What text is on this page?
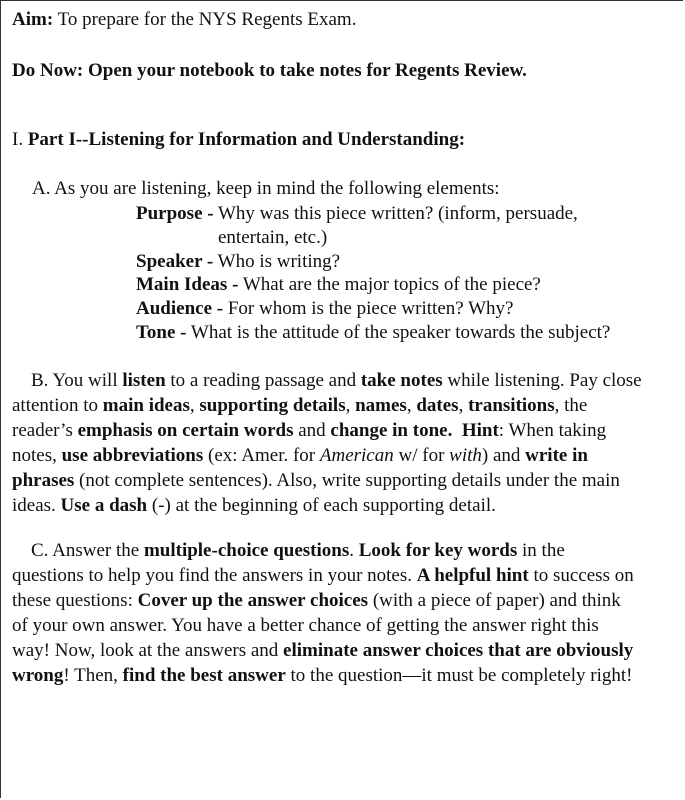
Aim: To prepare for the NYS Regents Exam.
Do Now: Open your notebook to take notes for Regents Review.
I. Part I--Listening for Information and Understanding:
A. As you are listening, keep in mind the following elements:
Purpose - Why was this piece written? (inform, persuade,
entertain, etc.)
Speaker - Who is writing?
Main Ideas - What are the major topics of the piece?
Audience - For whom is the piece written? Why?
Tone - What is the attitude of the speaker towards the subject?
B. You will listen to a reading passage and take notes while listening. Pay close
attention to main ideas, supporting details, names, dates, transitions, the
reader’s emphasis on certain words and change in tone. Hint: When taking
notes, use abbreviations (ex: Amer. for American w/ for with) and write in
phrases (not complete sentences). Also, write supporting details under the main
ideas. Use a dash (-) at the beginning of each supporting detail.
C. Answer the multiple-choice questions. Look for key words in the
questions to help you find the answers in your notes. A helpful hint to success on
these questions: Cover up the answer choices (with a piece of paper) and think
of your own answer. You have a better chance of getting the answer right this
way! Now, look at the answers and eliminate answer choices that are obviously
wrong! Then, find the best answer to the question—it must be completely right!
